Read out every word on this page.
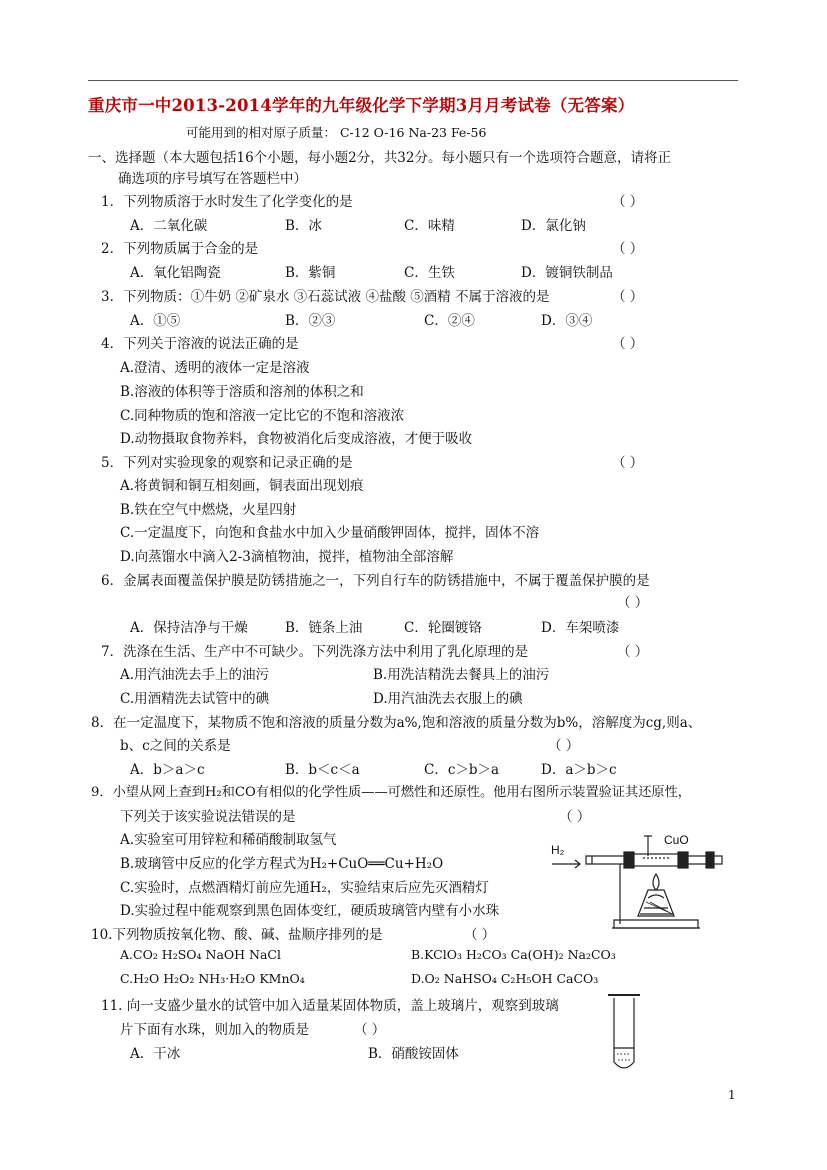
重庆市一中2013-2014学年的九年级化学下学期3月月考试卷（无答案）
可能用到的相对原子质量： C-12 O-16 Na-23 Fe-56
一、选择题（本大题包括16个小题，每小题2分，共32分。每小题只有一个选项符合题意，请将正
确选项的序号填写在答题栏中）
1．下列物质溶于水时发生了化学变化的是	（ ）
A．二氧化碳	B．冰	C．味精	D．氯化钠
2．下列物质属于合金的是	（ ）
A．氧化铝陶瓷	B．紫铜	C．生铁	D．镀铜铁制品
3．下列物质：①牛奶 ②矿泉水 ③石蕊试液 ④盐酸 ⑤酒精 不属于溶液的是	（ ）
A．①⑤	B．②③	C．②④	D．③④
4．下列关于溶液的说法正确的是	（ ）
A.澄清、透明的液体一定是溶液
B.溶液的体积等于溶质和溶剂的体积之和
C.同种物质的饱和溶液一定比它的不饱和溶液浓
D.动物摄取食物养料，食物被消化后变成溶液，才便于吸收
5．下列对实验现象的观察和记录正确的是	（ ）
A.将黄铜和铜互相刻画，铜表面出现划痕
B.铁在空气中燃烧，火星四射
C.一定温度下，向饱和食盐水中加入少量硝酸钾固体，搅拌，固体不溶
D.向蒸馏水中滴入2-3滴植物油，搅拌，植物油全部溶解
6．金属表面覆盖保护膜是防锈措施之一，下列自行车的防锈措施中，不属于覆盖保护膜的是
（ ）
A．保持洁净与干燥	B．链条上油	C．轮圈镀铬	D．车架喷漆
7．洗涤在生活、生产中不可缺少。下列洗涤方法中利用了乳化原理的是	（ ）
A.用汽油洗去手上的油污	B.用洗洁精洗去餐具上的油污
C.用酒精洗去试管中的碘	D.用汽油洗去衣服上的碘
8．在一定温度下，某物质不饱和溶液的质量分数为a%,饱和溶液的质量分数为b%，溶解度为cg,则a、
b、c之间的关系是	（ ）
A．b＞a＞c	B．b＜c＜a	C．c＞b＞a	D．a＞b＞c
9．小望从网上查到H₂和CO有相似的化学性质——可燃性和还原性。他用右图所示装置验证其还原性，
下列关于该实验说法错误的是	（ ）
A.实验室可用锌粒和稀硝酸制取氢气
B.玻璃管中反应的化学方程式为H₂+CuO══Cu+H₂O
C.实验时，点燃酒精灯前应先通H₂，实验结束后应先灭酒精灯
D.实验过程中能观察到黑色固体变红，硬质玻璃管内壁有小水珠
H₂
CuO
10.下列物质按氧化物、酸、碱、盐顺序排列的是	（ ）
A.CO₂ H₂SO₄ NaOH NaCl	B.KClO₃ H₂CO₃ Ca(OH)₂ Na₂CO₃
C.H₂O H₂O₂ NH₃·H₂O KMnO₄	D.O₂ NaHSO₄ C₂H₅OH CaCO₃
11. 向一支盛少量水的试管中加入适量某固体物质，盖上玻璃片，观察到玻璃
片下面有水珠，则加入的物质是	（ ）
A．干冰	B．硝酸铵固体
1
